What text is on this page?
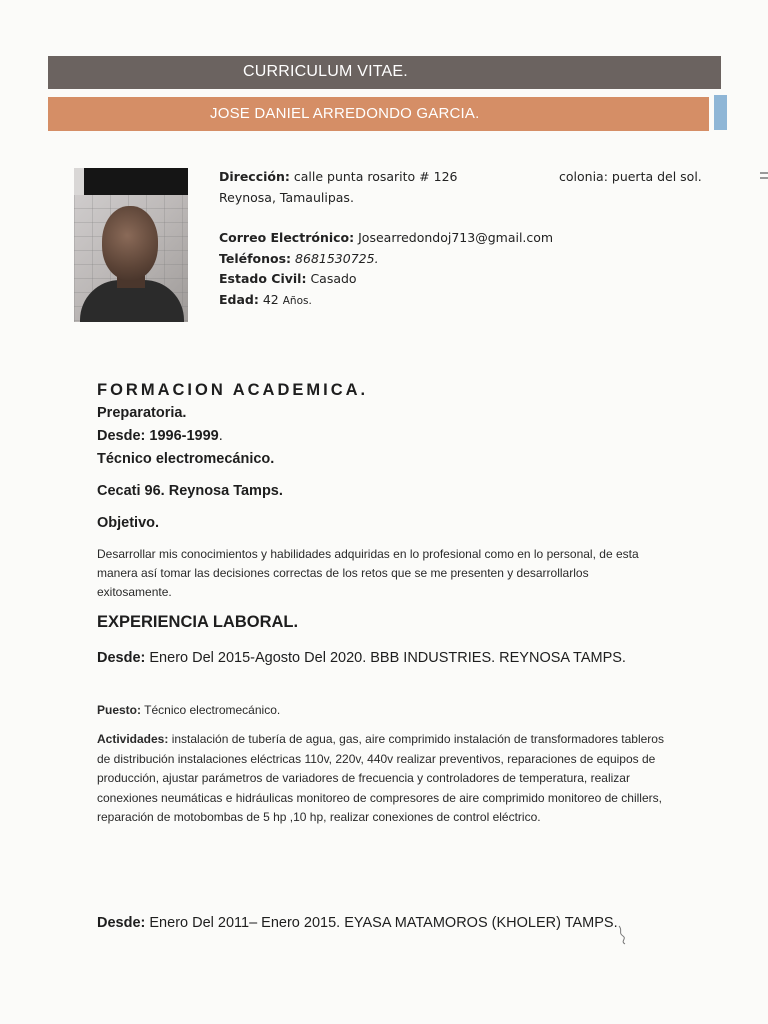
CURRICULUM VITAE.
JOSE DANIEL ARREDONDO GARCIA.
Dirección: calle punta rosarito # 126	colonia: puerta del sol.
Reynosa, Tamaulipas.
Correo Electrónico: Josearredondoj713@gmail.com
Teléfonos: 8681530725.
Estado Civil: Casado
Edad: 42 Años.
FORMACION ACADEMICA.
Preparatoria.
Desde: 1996-1999.
Técnico electromecánico.
Cecati 96. Reynosa Tamps.
Objetivo.
Desarrollar mis conocimientos y habilidades adquiridas en lo profesional como en lo personal, de esta manera así tomar las decisiones correctas de los retos que se me presenten y desarrollarlos exitosamente.
EXPERIENCIA LABORAL.
Desde: Enero Del 2015-Agosto Del 2020. BBB INDUSTRIES. REYNOSA TAMPS.
Puesto: Técnico electromecánico.
Actividades: instalación de tubería de agua, gas, aire comprimido instalación de transformadores tableros de distribución instalaciones eléctricas 110v, 220v, 440v realizar preventivos, reparaciones de equipos de producción, ajustar parámetros de variadores de frecuencia y controladores de temperatura, realizar conexiones neumáticas e hidráulicas monitoreo de compresores de aire comprimido monitoreo de chillers, reparación de motobombas de 5 hp ,10 hp, realizar conexiones de control eléctrico.
Desde: Enero Del 2011– Enero 2015. EYASA MATAMOROS (KHOLER) TAMPS.
